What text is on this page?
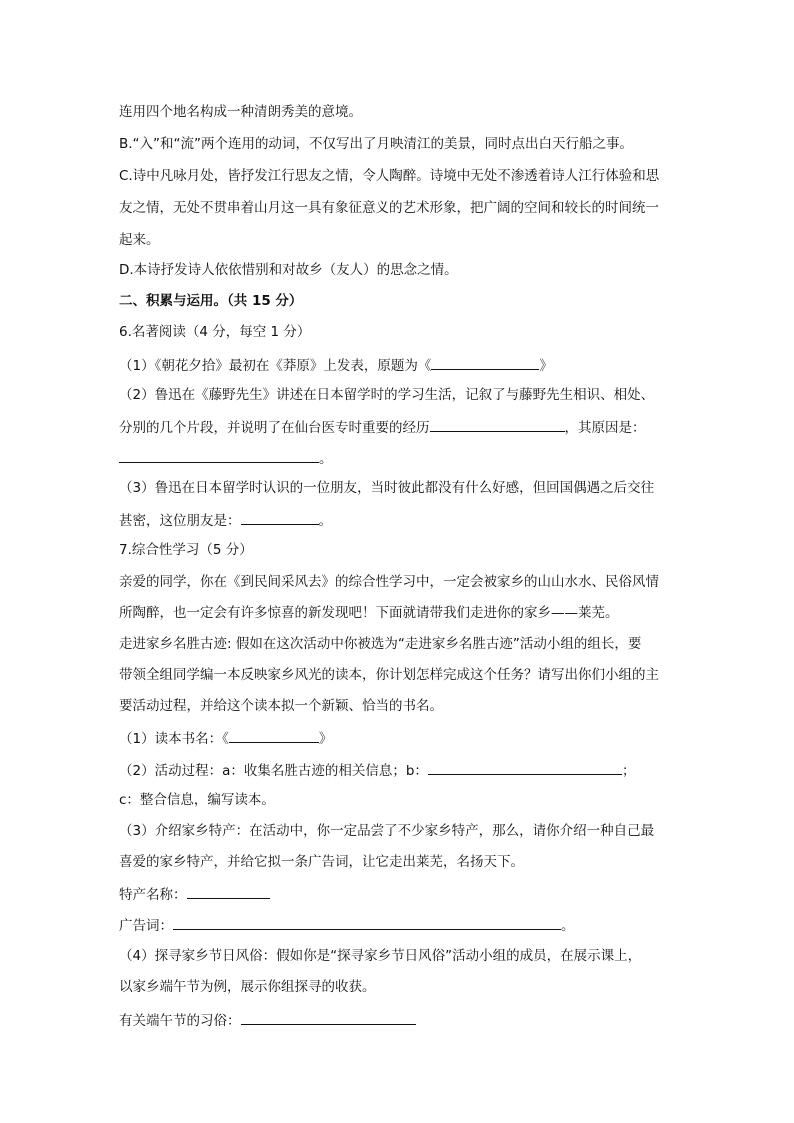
连用四个地名构成一种清朗秀美的意境。
B.“入”和“流”两个连用的动词，不仅写出了月映清江的美景，同时点出白天行船之事。
C.诗中凡咏月处，皆抒发江行思友之情，令人陶醉。诗境中无处不渗透着诗人江行体验和思
友之情，无处不贯串着山月这一具有象征意义的艺术形象，把广阔的空间和较长的时间统一
起来。
D.本诗抒发诗人依依惜别和对故乡（友人）的思念之情。
二、积累与运用。（共 15 分）
6.名著阅读（4 分，每空 1 分）
（1）《朝花夕拾》最初在《莽原》上发表，原题为《	》
（2）鲁迅在《藤野先生》讲述在日本留学时的学习生活，记叙了与藤野先生相识、相处、
分别的几个片段，并说明了在仙台医专时重要的经历	，其原因是：
。
（3）鲁迅在日本留学时认识的一位朋友，当时彼此都没有什么好感，但回国偶遇之后交往
甚密，这位朋友是：	。
7.综合性学习（5 分）
亲爱的同学，你在《到民间采风去》的综合性学习中，一定会被家乡的山山水水、民俗风情
所陶醉，也一定会有许多惊喜的新发现吧！下面就请带我们走进你的家乡——莱芜。
走进家乡名胜古迹: 假如在这次活动中你被选为“走进家乡名胜古迹”活动小组的组长，要
带领全组同学编一本反映家乡风光的读本，你计划怎样完成这个任务？请写出你们小组的主
要活动过程，并给这个读本拟一个新颖、恰当的书名。
（1）读本书名：《	》
（2）活动过程：a：收集名胜古迹的相关信息；b：	；
c：整合信息，编写读本。
（3）介绍家乡特产：在活动中，你一定品尝了不少家乡特产，那么，请你介绍一种自己最
喜爱的家乡特产，并给它拟一条广告词，让它走出莱芜，名扬天下。
特产名称：
广告词：	。
（4）探寻家乡节日风俗：假如你是“探寻家乡节日风俗”活动小组的成员，在展示课上，
以家乡端午节为例，展示你组探寻的收获。
有关端午节的习俗：
